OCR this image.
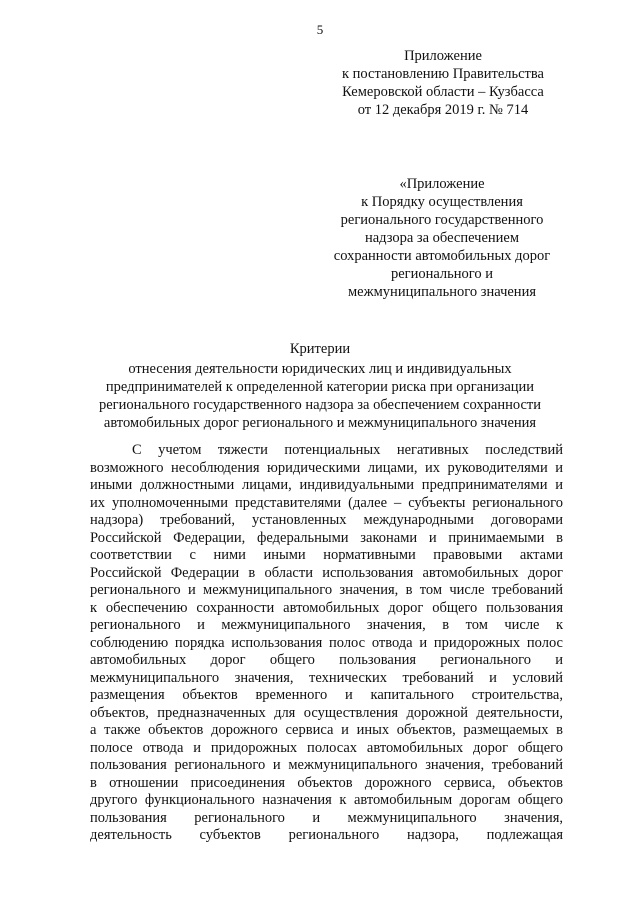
5
Приложение
к постановлению Правительства
Кемеровской области – Кузбасса
от 12 декабря 2019 г. № 714
«Приложение
к Порядку осуществления
регионального государственного
надзора за обеспечением
сохранности автомобильных дорог
регионального и
межмуниципального значения
Критерии
отнесения деятельности юридических лиц и индивидуальных
предпринимателей к определенной категории риска при организации
регионального государственного надзора за обеспечением сохранности
автомобильных дорог регионального и межмуниципального значения
С учетом тяжести потенциальных негативных последствий
возможного несоблюдения юридическими лицами, их руководителями и
иными должностными лицами, индивидуальными предпринимателями и
их уполномоченными представителями (далее – субъекты регионального
надзора) требований, установленных международными договорами
Российской Федерации, федеральными законами и принимаемыми в
соответствии с ними иными нормативными правовыми актами
Российской Федерации в области использования автомобильных дорог
регионального и межмуниципального значения, в том числе требований
к обеспечению сохранности автомобильных дорог общего пользования
регионального и межмуниципального значения, в том числе к
соблюдению порядка использования полос отвода и придорожных полос
автомобильных дорог общего пользования регионального и
межмуниципального значения, технических требований и условий
размещения объектов временного и капитального строительства,
объектов, предназначенных для осуществления дорожной деятельности,
а также объектов дорожного сервиса и иных объектов, размещаемых в
полосе отвода и придорожных полосах автомобильных дорог общего
пользования регионального и межмуниципального значения, требований
в отношении присоединения объектов дорожного сервиса, объектов
другого функционального назначения к автомобильным дорогам общего
пользования регионального и межмуниципального значения,
деятельность субъектов регионального надзора, подлежащая
